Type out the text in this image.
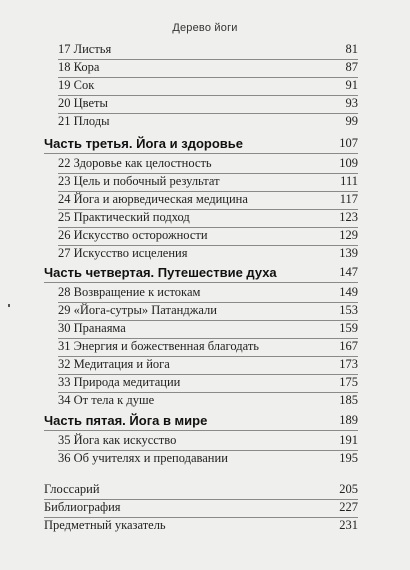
Дерево йоги
17 Листья	81
18 Кора	87
19 Сок	91
20 Цветы	93
21 Плоды	99
Часть третья. Йога и здоровье	107
22 Здоровье как целостность	109
23 Цель и побочный результат	111
24 Йога и аюрведическая медицина	117
25 Практический подход	123
26 Искусство осторожности	129
27 Искусство исцеления	139
Часть четвертая. Путешествие духа	147
28 Возвращение к истокам	149
29 «Йога-сутры» Патанджали	153
30 Пранаяма	159
31 Энергия и божественная благодать	167
32 Медитация и йога	173
33 Природа медитации	175
34 От тела к душе	185
Часть пятая. Йога в мире	189
35 Йога как искусство	191
36 Об учителях и преподавании	195
Глоссарий	205
Библиография	227
Предметный указатель	231
